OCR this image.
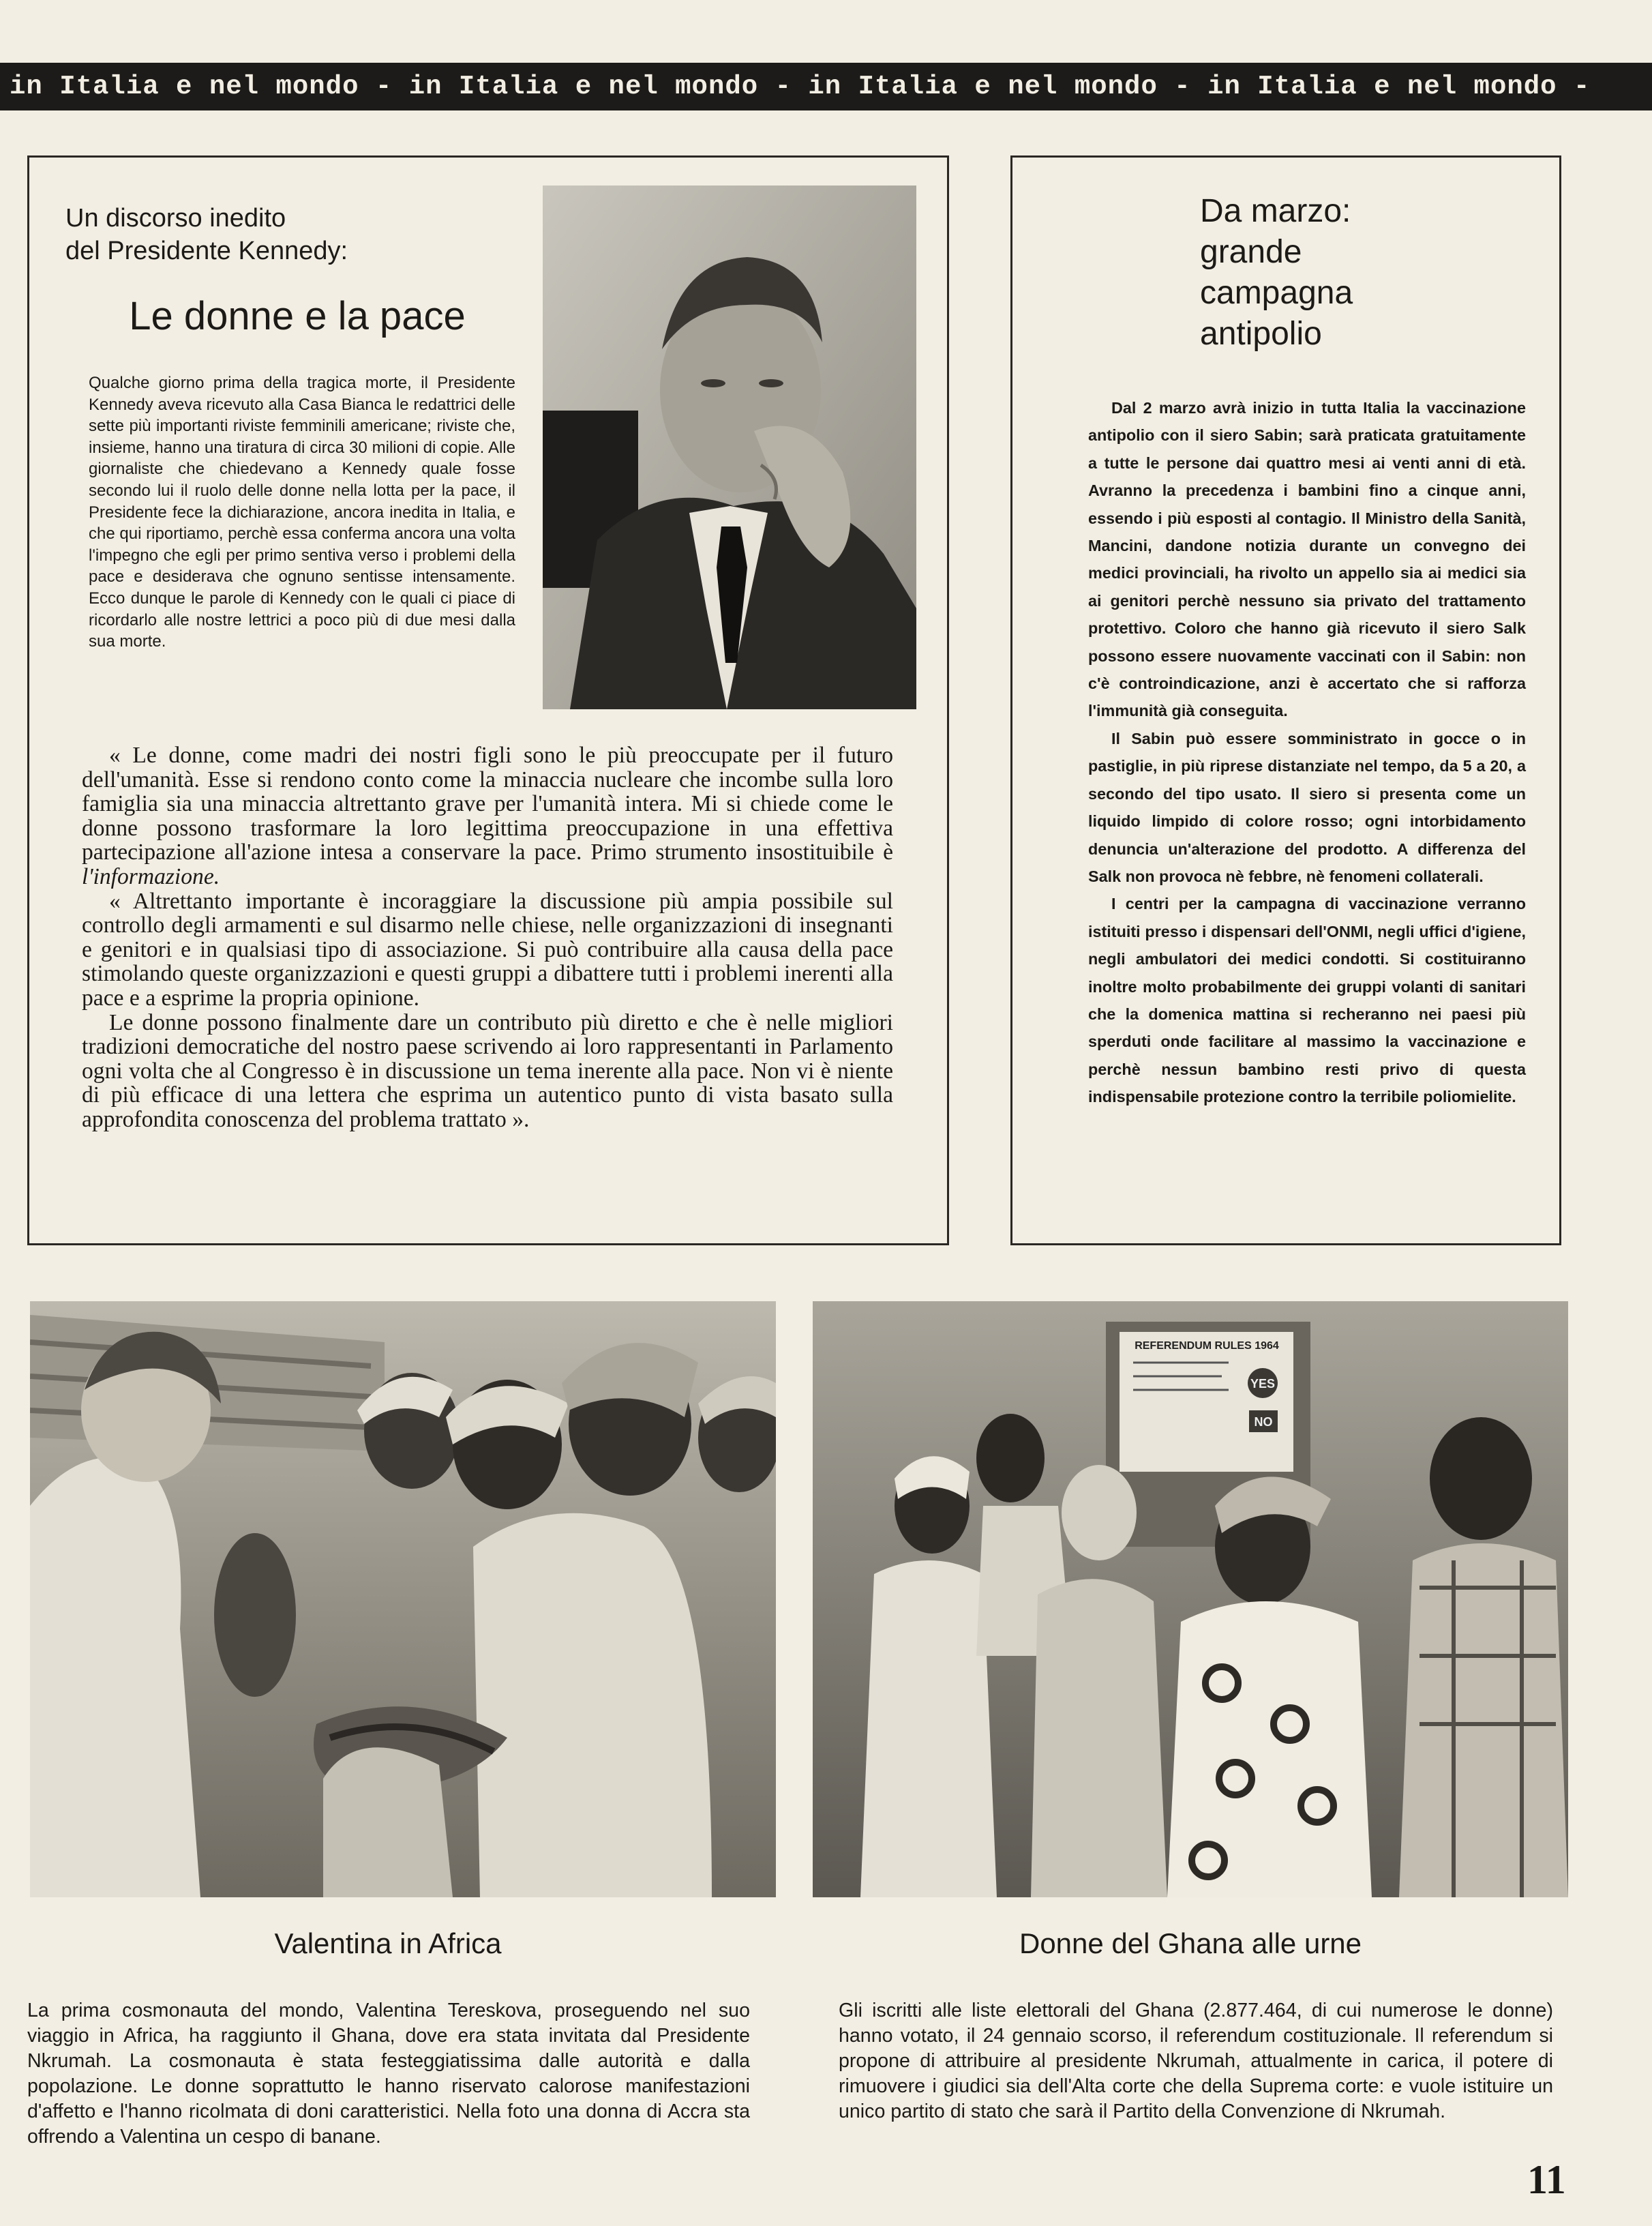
in Italia e nel mondo - in Italia e nel mondo - in Italia e nel mondo - in Italia e nel mondo -
Un discorso inedito
del Presidente Kennedy:
Le donne e la pace
Qualche giorno prima della tragica morte, il Presidente Kennedy aveva ricevuto alla Casa Bianca le redattrici delle sette più importanti riviste femminili americane; riviste che, insieme, hanno una tiratura di circa 30 milioni di copie. Alle giornaliste che chiedevano a Kennedy quale fosse secondo lui il ruolo delle donne nella lotta per la pace, il Presidente fece la dichiarazione, ancora inedita in Italia, e che qui riportiamo, perchè essa conferma ancora una volta l'impegno che egli per primo sentiva verso i problemi della pace e desiderava che ognuno sentisse intensamente. Ecco dunque le parole di Kennedy con le quali ci piace di ricordarlo alle nostre lettrici a poco più di due mesi dalla sua morte.

« Le donne, come madri dei nostri figli sono le più preoccupate per il futuro dell'umanità. Esse si rendono conto come la minaccia nucleare che incombe sulla loro famiglia sia una minaccia altrettanto grave per l'umanità intera. Mi si chiede come le donne possono trasformare la loro legittima preoccupazione in una effettiva partecipazione all'azione intesa a conservare la pace. Primo strumento insostituibile è l'informazione.

« Altrettanto importante è incoraggiare la discussione più ampia possibile sul controllo degli armamenti e sul disarmo nelle chiese, nelle organizzazioni di insegnanti e genitori e in qualsiasi tipo di associazione. Si può contribuire alla causa della pace stimolando queste organizzazioni e questi gruppi a dibattere tutti i problemi inerenti alla pace e a esprime la propria opinione.

Le donne possono finalmente dare un contributo più diretto e che è nelle migliori tradizioni democratiche del nostro paese scrivendo ai loro rappresentanti in Parlamento ogni volta che al Congresso è in discussione un tema inerente alla pace. Non vi è niente di più efficace di una lettera che esprima un autentico punto di vista basato sulla approfondita conoscenza del problema trattato ».

Da marzo:
grande
campagna
antipolio

Dal 2 marzo avrà inizio in tutta Italia la vaccinazione antipolio con il siero Sabin; sarà praticata gratuitamente a tutte le persone dai quattro mesi ai venti anni di età. Avranno la precedenza i bambini fino a cinque anni, essendo i più esposti al contagio. Il Ministro della Sanità, Mancini, dandone notizia durante un convegno dei medici provinciali, ha rivolto un appello sia ai medici sia ai genitori perchè nessuno sia privato del trattamento protettivo. Coloro che hanno già ricevuto il siero Salk possono essere nuovamente vaccinati con il Sabin: non c'è controindicazione, anzi è accertato che si rafforza l'immunità già conseguita.

Il Sabin può essere somministrato in gocce o in pastiglie, in più riprese distanziate nel tempo, da 5 a 20, a secondo del tipo usato. Il siero si presenta come un liquido limpido di colore rosso; ogni intorbidamento denuncia un'alterazione del prodotto. A differenza del Salk non provoca nè febbre, nè fenomeni collaterali.

I centri per la campagna di vaccinazione verranno istituiti presso i dispensari dell'ONMI, negli uffici d'igiene, negli ambulatori dei medici condotti. Si costituiranno inoltre molto probabilmente dei gruppi volanti di sanitari che la domenica mattina si recheranno nei paesi più sperduti onde facilitare al massimo la vaccinazione e perchè nessun bambino resti privo di questa indispensabile protezione contro la terribile poliomielite.

REFERENDUM RULES 1964
YES
NO
Valentina in Africa	Donne del Ghana alle urne
La prima cosmonauta del mondo, Valentina Tereskova, proseguendo nel suo viaggio in Africa, ha raggiunto il Ghana, dove era stata invitata dal Presidente Nkrumah. La cosmonauta è stata festeggiatissima dalle autorità e dalla popolazione. Le donne soprattutto le hanno riservato calorose manifestazioni d'affetto e l'hanno ricolmata di doni caratteristici. Nella foto una donna di Accra sta offrendo a Valentina un cespo di banane.
Gli iscritti alle liste elettorali del Ghana (2.877.464, di cui numerose le donne) hanno votato, il 24 gennaio scorso, il referendum costituzionale. Il referendum si propone di attribuire al presidente Nkrumah, attualmente in carica, il potere di rimuovere i giudici sia dell'Alta corte che della Suprema corte: e vuole istituire un unico partito di stato che sarà il Partito della Convenzione di Nkrumah.
11
